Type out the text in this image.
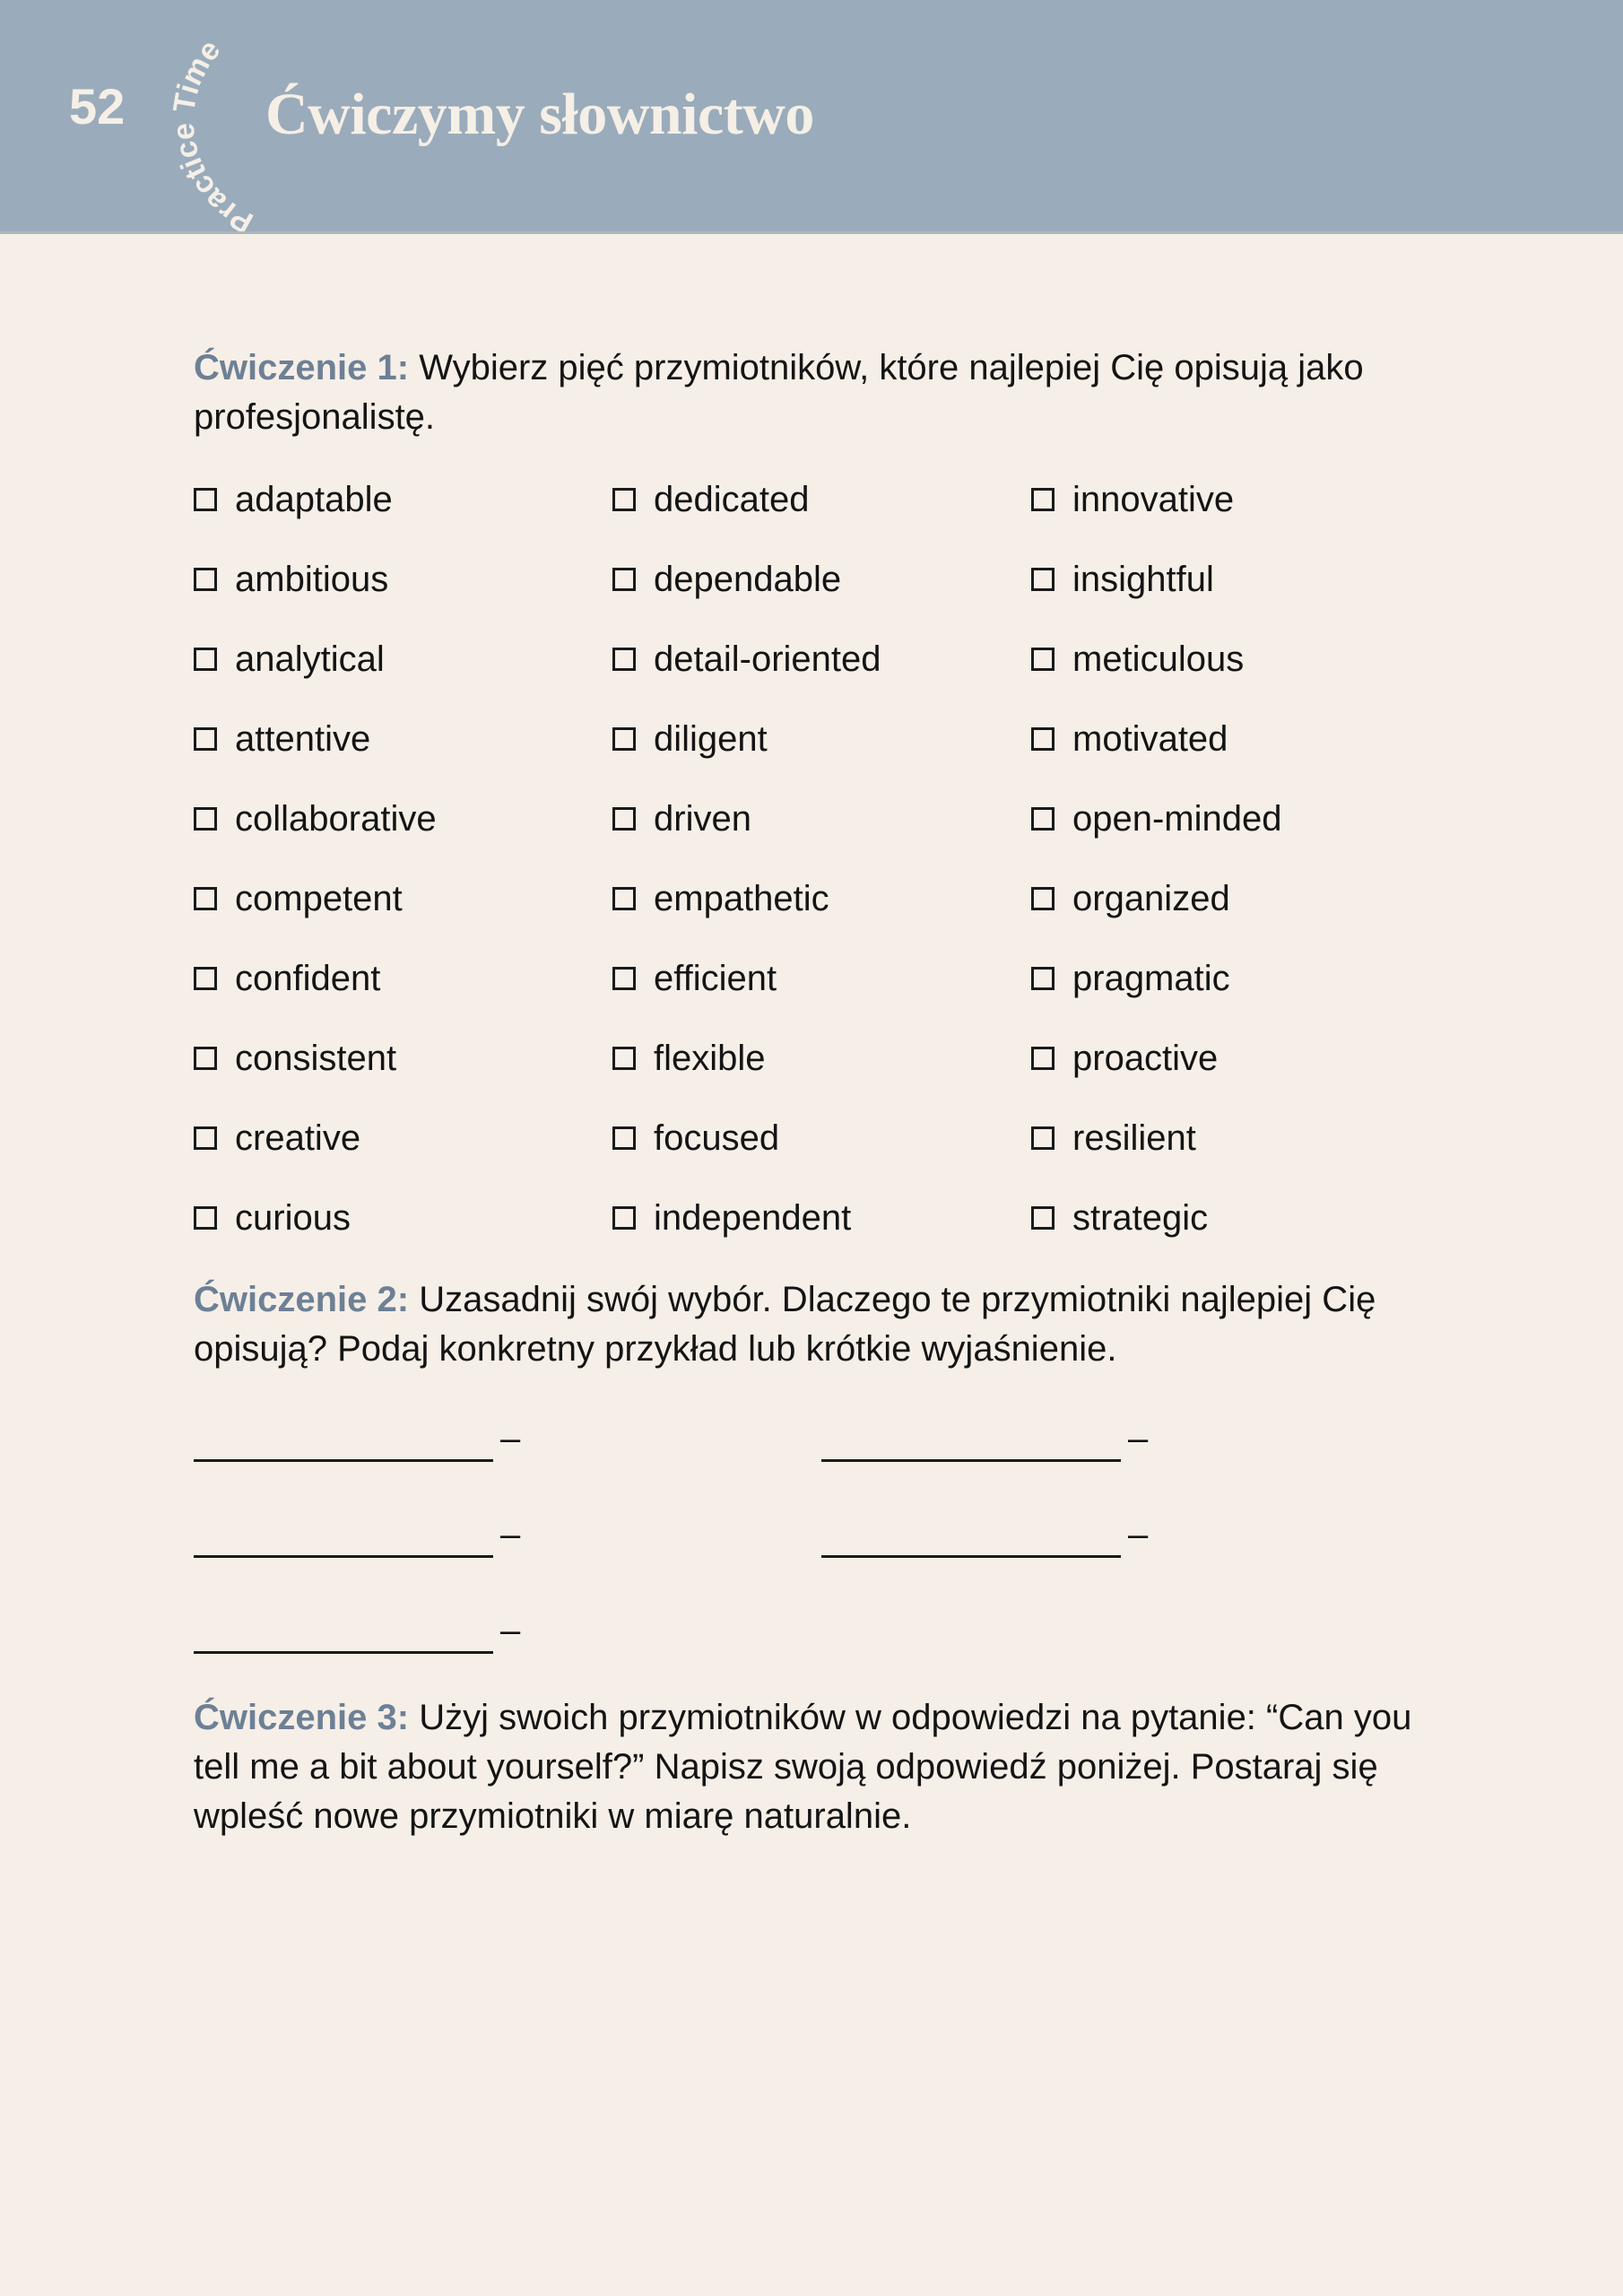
52
Practice Time
Ćwiczymy słownictwo
Ćwiczenie 1: Wybierz pięć przymiotników, które najlepiej Cię opisują jako profesjonalistę.
adaptable	dedicated	innovative
ambitious	dependable	insightful
analytical	detail-oriented	meticulous
attentive	diligent	motivated
collaborative	driven	open-minded
competent	empathetic	organized
confident	efficient	pragmatic
consistent	flexible	proactive
creative	focused	resilient
curious	independent	strategic
Ćwiczenie 2: Uzasadnij swój wybór. Dlaczego te przymiotniki najlepiej Cię opisują? Podaj konkretny przykład lub krótkie wyjaśnienie.
–	–
–	–
–
Ćwiczenie 3: Użyj swoich przymiotników w odpowiedzi na pytanie: “Can you tell me a bit about yourself?” Napisz swoją odpowiedź poniżej. Postaraj się wpleść nowe przymiotniki w miarę naturalnie.
